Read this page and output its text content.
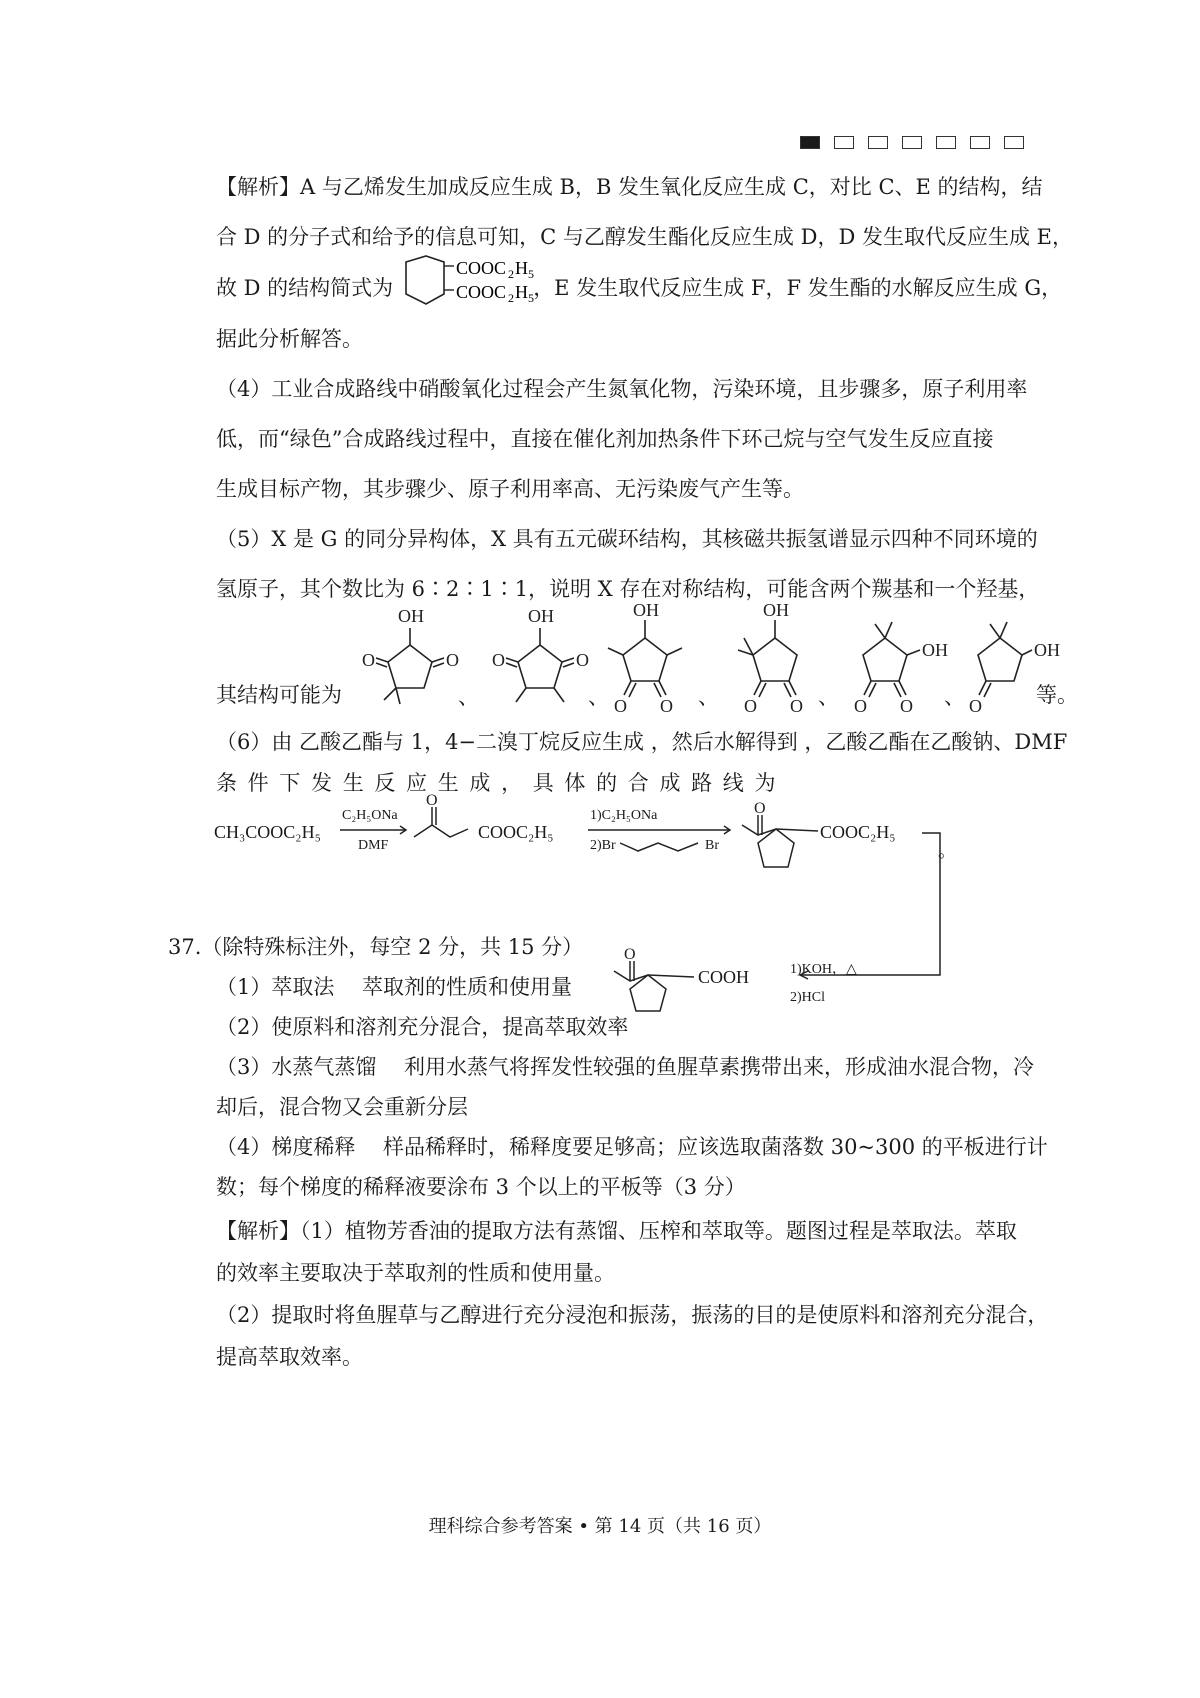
【解析】A 与乙烯发生加成反应生成 B，B 发生氧化反应生成 C，对比 C、E 的结构，结
合 D 的分子式和给予的信息可知，C 与乙醇发生酯化反应生成 D，D 发生取代反应生成 E，
故 D 的结构简式为	，E 发生取代反应生成 F，F 发生酯的水解反应生成 G，
COOC 2 H 5
COOC 2 H 5
据此分析解答。
（4）工业合成路线中硝酸氧化过程会产生氮氧化物，污染环境，且步骤多，原子利用率
低，而“绿色”合成路线过程中，直接在催化剂加热条件下环己烷与空气发生反应直接
生成目标产物，其步骤少、原子利用率高、无污染废气产生等。
（5）X 是 G 的同分异构体，X 具有五元碳环结构，其核磁共振氢谱显示四种不同环境的
氢原子，其个数比为 6∶2∶1∶1，说明 X 存在对称结构，可能含两个羰基和一个羟基，
其结构可能为	等。
OH
O
O
OH
O
O
OH
O O
OH
O O
OH
O O
OH
O
、	、	、	、	、
（6）由 乙酸乙酯与 1，4−二溴丁烷反应生成 ，然后水解得到 ，乙酸乙酯在乙酸钠、DMF
条 件 下 发 生 反 应 生 成 ， 具 体 的 合 成 路 线 为
CH₃COOC₂H₅
C₂H₅ONa
DMF
COOC₂H₅
1)C₂H₅ONa
2)Br	Br
COOC₂H₅
。
COOH	1)KOH，△
2)HCl
O	O
O
37.（除特殊标注外，每空 2 分，共 15 分）
（1）萃取法　 萃取剂的性质和使用量
（2）使原料和溶剂充分混合，提高萃取效率
（3）水蒸气蒸馏　 利用水蒸气将挥发性较强的鱼腥草素携带出来，形成油水混合物，冷
却后，混合物又会重新分层
（4）梯度稀释　 样品稀释时，稀释度要足够高；应该选取菌落数 30~300 的平板进行计
数；每个梯度的稀释液要涂布 3 个以上的平板等（3 分）
【解析】（1）植物芳香油的提取方法有蒸馏、压榨和萃取等。题图过程是萃取法。萃取
的效率主要取决于萃取剂的性质和使用量。
（2）提取时将鱼腥草与乙醇进行充分浸泡和振荡，振荡的目的是使原料和溶剂充分混合，
提高萃取效率。
理科综合参考答案 • 第 14 页（共 16 页）
